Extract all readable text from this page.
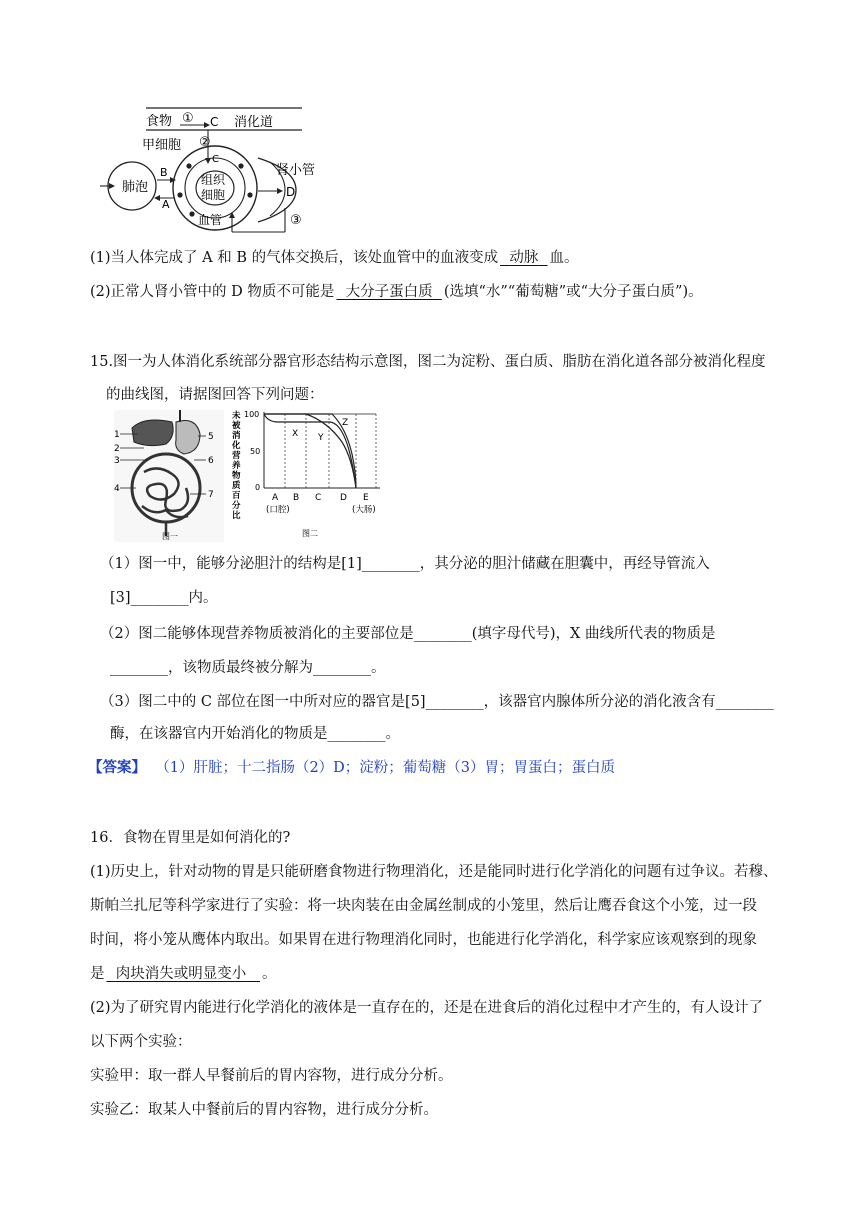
食物 ① C 消化道
②
甲细胞
组织
细胞
C
血管
肺泡
B
A
肾小管
D
③
(1)当人体完成了 A 和 B 的气体交换后，该处血管中的血液变成 动脉 血。
(2)正常人肾小管中的 D 物质不可能是 大分子蛋白质 (选填“水”“葡萄糖”或“大分子蛋白质”)。
15.图一为人体消化系统部分器官形态结构示意图，图二为淀粉、蛋白质、脂肪在消化道各部分被消化程度
的曲线图，请据图回答下列问题：
1
2
3
4
5
6
7
图一
未
被
消
化
营
养
物
质
百
分
比
100
50
0
X Y
Z
A B C D E
(口腔)	(大肠)
图二
（1）图一中，能够分泌胆汁的结构是[1]________，其分泌的胆汁储藏在胆囊中，再经导管流入
[3]________内。
（2）图二能够体现营养物质被消化的主要部位是________(填字母代号)，X 曲线所代表的物质是
________，该物质最终被分解为________。
（3）图二中的 C 部位在图一中所对应的器官是[5]________，该器官内腺体所分泌的消化液含有________
酶，在该器官内开始消化的物质是________。
【答案】 （1）肝脏；十二指肠（2）D；淀粉；葡萄糖（3）胃；胃蛋白；蛋白质
16．食物在胃里是如何消化的?
(1)历史上，针对动物的胃是只能研磨食物进行物理消化，还是能同时进行化学消化的问题有过争议。若穆、
斯帕兰扎尼等科学家进行了实验：将一块肉装在由金属丝制成的小笼里，然后让鹰吞食这个小笼，过一段
时间，将小笼从鹰体内取出。如果胃在进行物理消化同时，也能进行化学消化，科学家应该观察到的现象
是 肉块消失或明显变小 。
(2)为了研究胃内能进行化学消化的液体是一直存在的，还是在进食后的消化过程中才产生的，有人设计了
以下两个实验：
实验甲：取一群人早餐前后的胃内容物，进行成分分析。
实验乙：取某人中餐前后的胃内容物，进行成分分析。
